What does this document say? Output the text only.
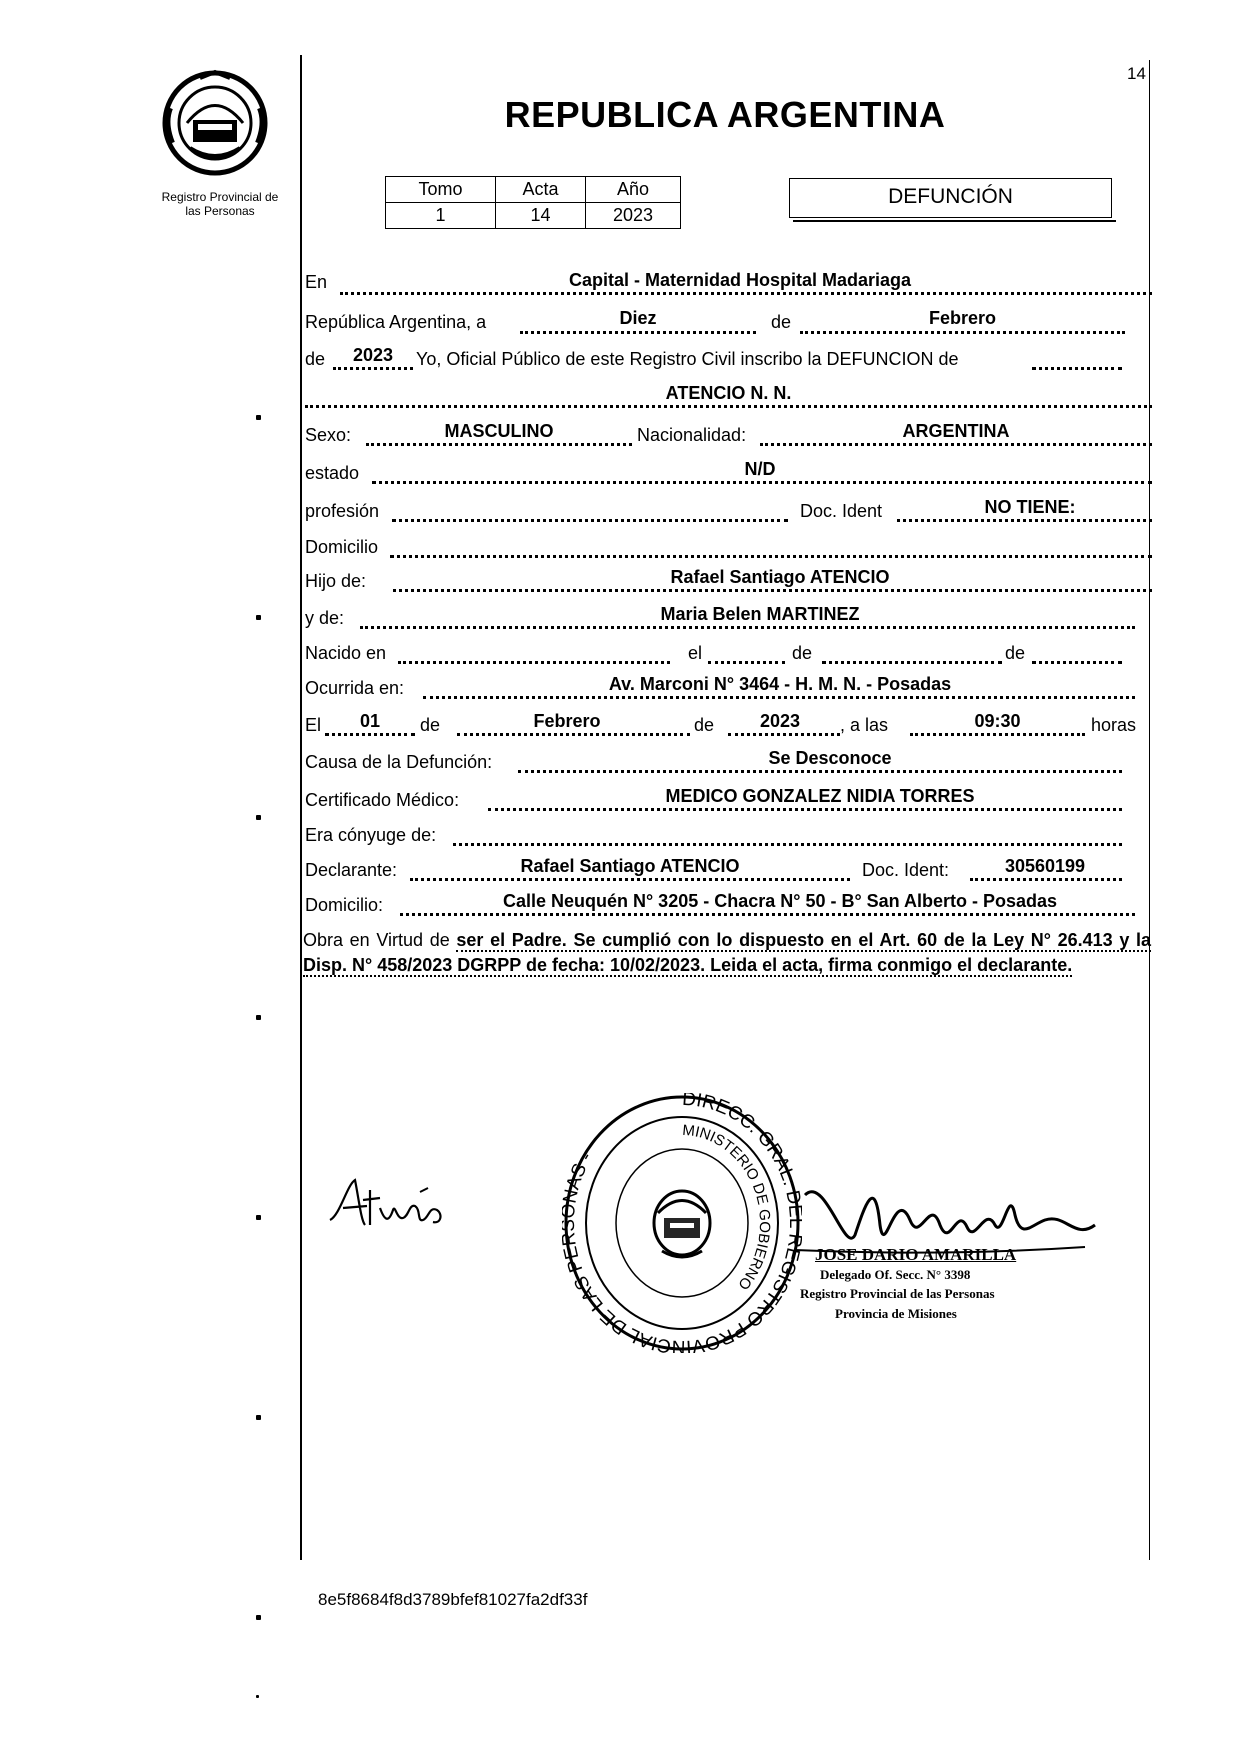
Registro Provincial de
las Personas
14
REPUBLICA ARGENTINA
Tomo	Acta	Año
1	14	2023
DEFUNCIÓN
En	Capital - Maternidad Hospital Madariaga
República Argentina, a	Diez	de	Febrero
de	2023	Yo, Oficial Público de este Registro Civil inscribo la DEFUNCION de
ATENCIO N. N.
Sexo:	MASCULINO	Nacionalidad:	ARGENTINA
estado	N/D
profesión	Doc. Ident	NO TIENE:
Domicilio
Hijo de:	Rafael Santiago ATENCIO
y de:	Maria Belen MARTINEZ
Nacido en	el	de	de
Ocurrida en:	Av. Marconi N° 3464 - H. M. N. - Posadas
El	01	de	Febrero	de	2023	, a las	09:30	horas
Causa de la Defunción:	Se Desconoce
Certificado Médico:	MEDICO GONZALEZ NIDIA TORRES
Era cónyuge de:
Declarante:	Rafael Santiago ATENCIO	Doc. Ident:	30560199
Domicilio:	Calle Neuquén N° 3205 - Chacra N° 50 - B° San Alberto - Posadas
Obra en Virtud de ser el Padre. Se cumplió con lo dispuesto en el Art. 60 de la Ley N° 26.413 y la Disp. N° 458/2023 DGRPP de fecha: 10/02/2023. Leida el acta, firma conmigo el declarante.
DIRECC. GRAL. EGISTRO PROVINCIAL DE LAS PE AS -
MINISTERIO DE GOBIERNO
JOSE DARIO AMARILLA
Delegado Of. Secc. N° 3398
Registro Provincial de las Personas
Provincia de Misiones
8e5f8684f8d3789bfef81027fa2df33f
